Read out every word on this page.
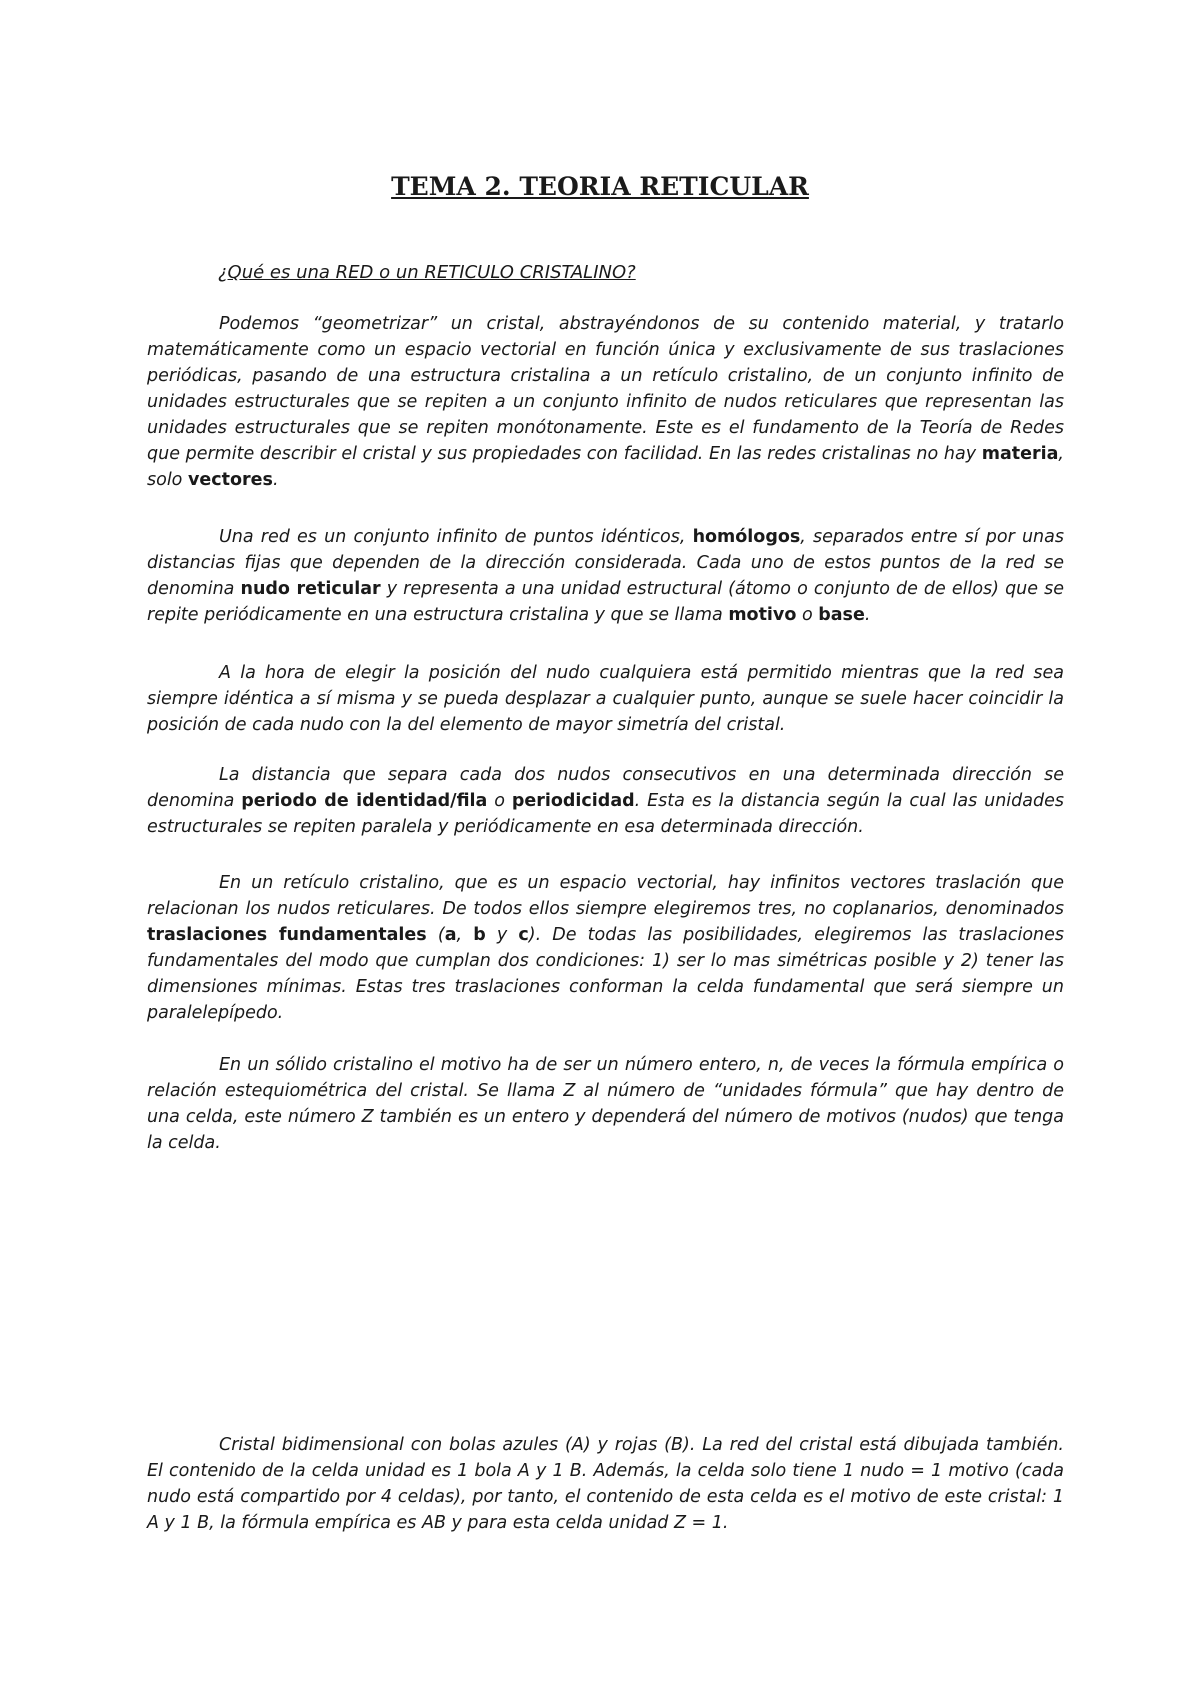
TEMA 2. TEORIA RETICULAR
¿Qué es una RED o un RETICULO CRISTALINO?

Podemos “geometrizar” un cristal, abstrayéndonos de su contenido material, y tratarlo matemáticamente como un espacio vectorial en función única y exclusivamente de sus traslaciones periódicas, pasando de una estructura cristalina a un retículo cristalino, de un conjunto infinito de unidades estructurales que se repiten a un conjunto infinito de nudos reticulares que representan las unidades estructurales que se repiten monótonamente. Este es el fundamento de la Teoría de Redes que permite describir el cristal y sus propiedades con facilidad. En las redes cristalinas no hay materia, solo vectores.

Una red es un conjunto infinito de puntos idénticos, homólogos, separados entre sí por unas distancias fijas que dependen de la dirección considerada. Cada uno de estos puntos de la red se denomina nudo reticular y representa a una unidad estructural (átomo o conjunto de de ellos) que se repite periódicamente en una estructura cristalina y que se llama motivo o base.

A la hora de elegir la posición del nudo cualquiera está permitido mientras que la red sea siempre idéntica a sí misma y se pueda desplazar a cualquier punto, aunque se suele hacer coincidir la posición de cada nudo con la del elemento de mayor simetría del cristal.

La distancia que separa cada dos nudos consecutivos en una determinada dirección se denomina periodo de identidad/fila o periodicidad. Esta es la distancia según la cual las unidades estructurales se repiten paralela y periódicamente en esa determinada dirección.

En un retículo cristalino, que es un espacio vectorial, hay infinitos vectores traslación que relacionan los nudos reticulares. De todos ellos siempre elegiremos tres, no coplanarios, denominados traslaciones fundamentales (a, b y c). De todas las posibilidades, elegiremos las traslaciones fundamentales del modo que cumplan dos condiciones: 1) ser lo mas simétricas posible y 2) tener las dimensiones mínimas. Estas tres traslaciones conforman la celda fundamental que será siempre un paralelepípedo.

En un sólido cristalino el motivo ha de ser un número entero, n, de veces la fórmula empírica o relación estequiométrica del cristal. Se llama Z al número de “unidades fórmula” que hay dentro de una celda, este número Z también es un entero y dependerá del número de motivos (nudos) que tenga la celda.

Cristal bidimensional con bolas azules (A) y rojas (B). La red del cristal está dibujada también. El contenido de la celda unidad es 1 bola A y 1 B. Además, la celda solo tiene 1 nudo = 1 motivo (cada nudo está compartido por 4 celdas), por tanto, el contenido de esta celda es el motivo de este cristal: 1 A y 1 B, la fórmula empírica es AB y para esta celda unidad Z = 1.
